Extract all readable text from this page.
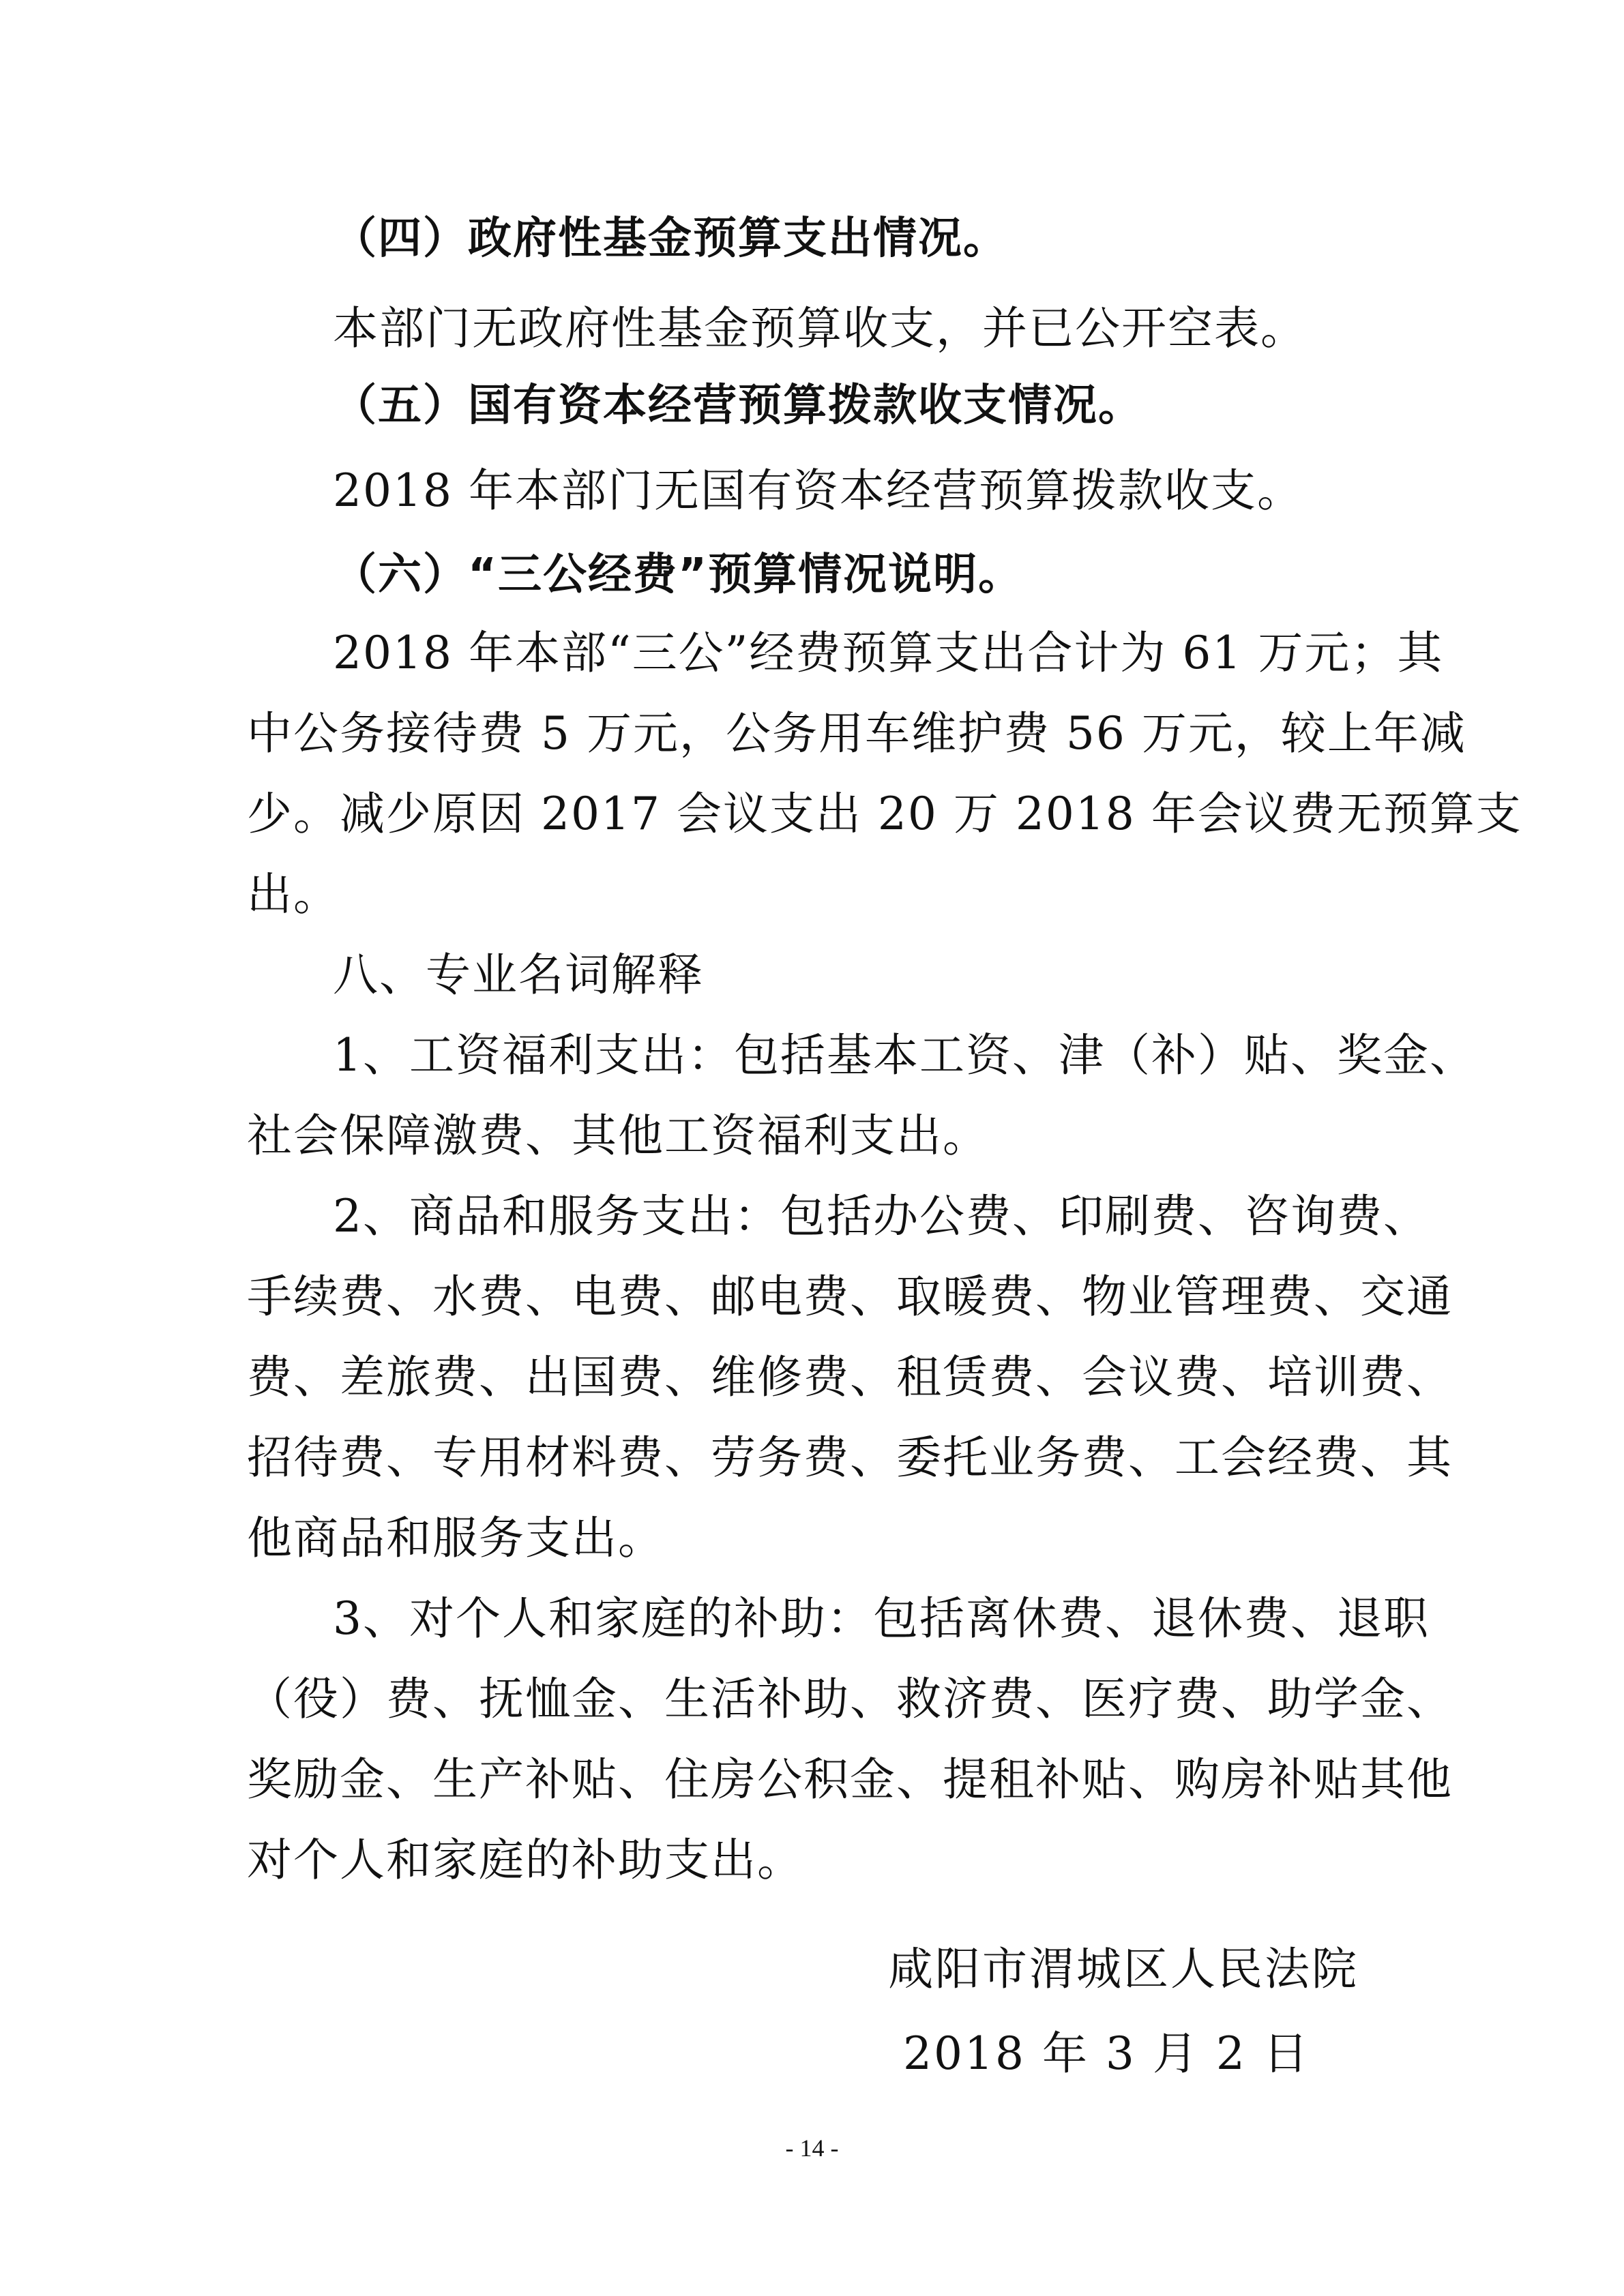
（四）政府性基金预算支出情况。
本部门无政府性基金预算收支，并已公开空表。
（五）国有资本经营预算拨款收支情况。
2018 年本部门无国有资本经营预算拨款收支。
（六）“三公经费”预算情况说明。
2018 年本部“三公”经费预算支出合计为 61 万元；其
中公务接待费 5 万元，公务用车维护费 56 万元，较上年减
少。减少原因 2017 会议支出 20 万 2018 年会议费无预算支
出。
八、专业名词解释
1、工资福利支出：包括基本工资、津（补）贴、奖金、
社会保障激费、其他工资福利支出。
2、商品和服务支出：包括办公费、印刷费、咨询费、
手续费、水费、电费、邮电费、取暖费、物业管理费、交通
费、差旅费、出国费、维修费、租赁费、会议费、培训费、
招待费、专用材料费、劳务费、委托业务费、工会经费、其
他商品和服务支出。
3、对个人和家庭的补助：包括离休费、退休费、退职
（役）费、抚恤金、生活补助、救济费、医疗费、助学金、
奖励金、生产补贴、住房公积金、提租补贴、购房补贴其他
对个人和家庭的补助支出。
咸阳市渭城区人民法院
2018 年 3 月 2 日
- 14 -
